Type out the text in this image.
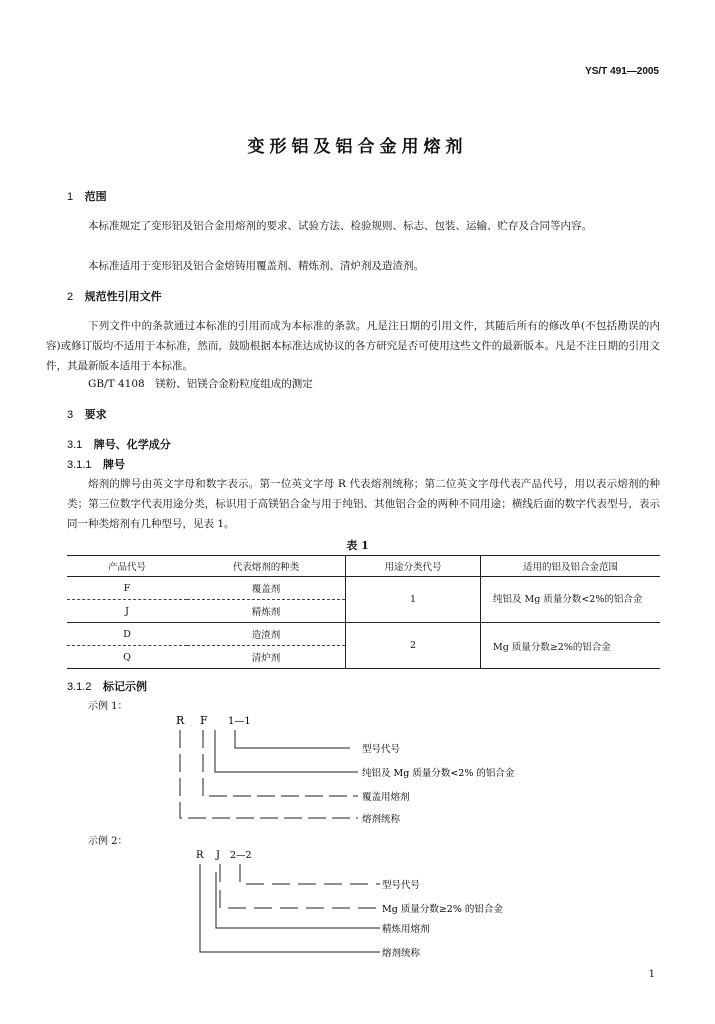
YS/T 491—2005
变形铝及铝合金用熔剂
1 范围

本标准规定了变形铝及铝合金用熔剂的要求、试验方法、检验规则、标志、包装、运输、贮存及合同等内容。

本标准适用于变形铝及铝合金熔铸用覆盖剂、精炼剂、清炉剂及造渣剂。

2 规范性引用文件

下列文件中的条款通过本标准的引用而成为本标准的条款。凡是注日期的引用文件，其随后所有的修改单(不包括勘误的内容)或修订版均不适用于本标准，然而，鼓励根据本标准达成协议的各方研究是否可使用这些文件的最新版本。凡是不注日期的引用文件，其最新版本适用于本标准。

GB/T 4108　镁粉、铝镁合金粉粒度组成的测定

3 要求
3.1 牌号、化学成分
3.1.1 牌号

熔剂的牌号由英文字母和数字表示。第一位英文字母 R 代表熔剂统称；第二位英文字母代表产品代号，用以表示熔剂的种类；第三位数字代表用途分类，标识用于高镁铝合金与用于纯铝、其他铝合金的两种不同用途；横线后面的数字代表型号，表示同一种类熔剂有几种型号，见表 1。

表 1
产品代号	代表熔剂的种类	用途分类代号	适用的铝及铝合金范围
F	覆盖剂	1	纯铝及 Mg 质量分数<2%的铝合金
J	精炼剂		
D	造渣剂	2	Mg 质量分数≥2%的铝合金
Q	清炉剂		
3.1.2 标记示例
示例 1：
R F 1—1
型号代号
纯铝及 Mg 质量分数<2% 的铝合金
覆盖用熔剂
熔剂统称
示例 2：
R J 2—2
型号代号
Mg 质量分数≥2% 的铝合金
精炼用熔剂
熔剂统称
1
